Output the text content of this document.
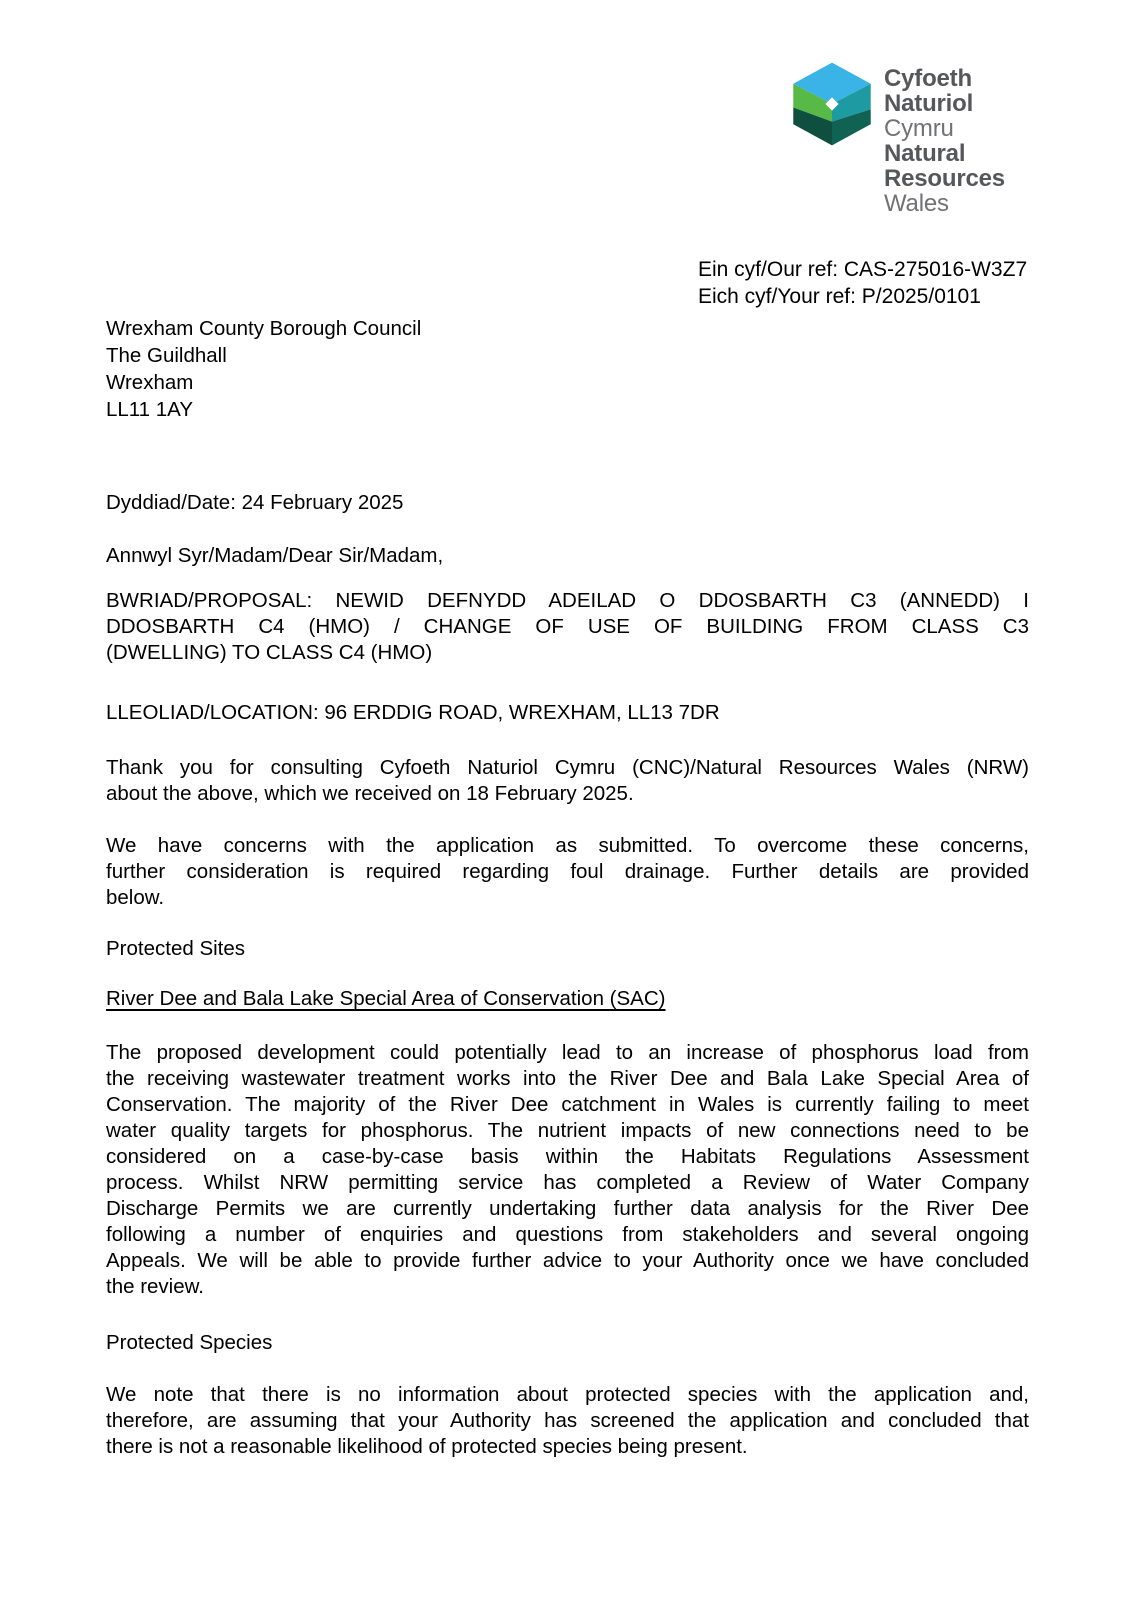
Cyfoeth
Naturiol
Cymru
Natural
Resources
Wales
Ein cyf/Our ref: CAS-275016-W3Z7
Eich cyf/Your ref: P/2025/0101
Wrexham County Borough Council
The Guildhall
Wrexham
LL11 1AY
Dyddiad/Date: 24 February 2025
Annwyl Syr/Madam/Dear Sir/Madam,
BWRIAD/PROPOSAL: NEWID DEFNYDD ADEILAD O DDOSBARTH C3 (ANNEDD) I
DDOSBARTH C4 (HMO) / CHANGE OF USE OF BUILDING FROM CLASS C3
(DWELLING) TO CLASS C4 (HMO)
LLEOLIAD/LOCATION: 96 ERDDIG ROAD, WREXHAM, LL13 7DR
Thank you for consulting Cyfoeth Naturiol Cymru (CNC)/Natural Resources Wales (NRW)
about the above, which we received on 18 February 2025.
We have concerns with the application as submitted. To overcome these concerns,
further consideration is required regarding foul drainage. Further details are provided
below.
Protected Sites
River Dee and Bala Lake Special Area of Conservation (SAC)
The proposed development could potentially lead to an increase of phosphorus load from
the receiving wastewater treatment works into the River Dee and Bala Lake Special Area of
Conservation. The majority of the River Dee catchment in Wales is currently failing to meet
water quality targets for phosphorus. The nutrient impacts of new connections need to be
considered on a case-by-case basis within the Habitats Regulations Assessment
process. Whilst NRW permitting service has completed a Review of Water Company
Discharge Permits we are currently undertaking further data analysis for the River Dee
following a number of enquiries and questions from stakeholders and several ongoing
Appeals. We will be able to provide further advice to your Authority once we have concluded
the review.
Protected Species
We note that there is no information about protected species with the application and,
therefore, are assuming that your Authority has screened the application and concluded that
there is not a reasonable likelihood of protected species being present.
